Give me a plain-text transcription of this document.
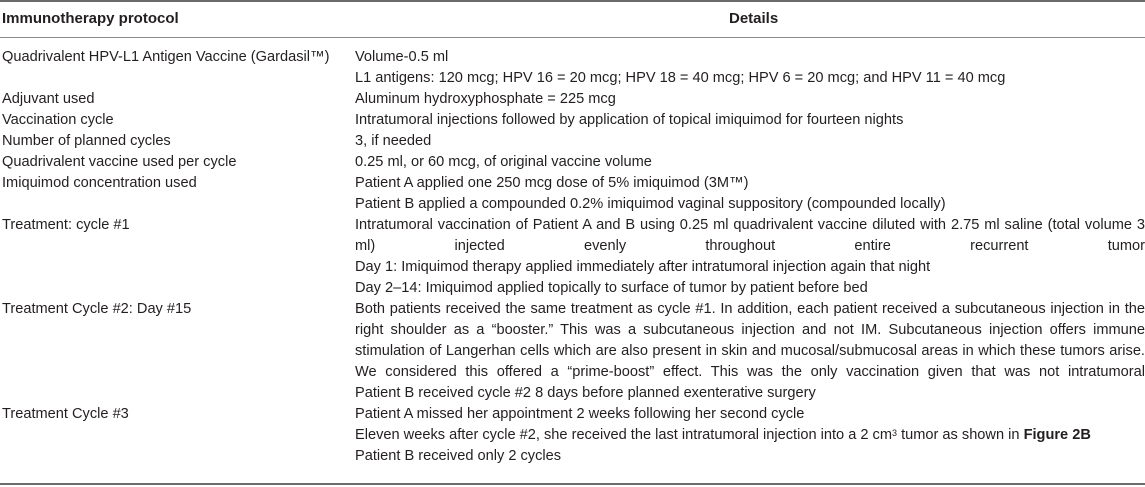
Immunotherapy protocol	Details
Quadrivalent HPV-L1 Antigen Vaccine (Gardasil™)	Volume-0.5 ml
L1 antigens: 120 mcg; HPV 16 = 20 mcg; HPV 18 = 40 mcg; HPV 6 = 20 mcg; and HPV 11 = 40 mcg
Adjuvant used	Aluminum hydroxyphosphate = 225 mcg
Vaccination cycle	Intratumoral injections followed by application of topical imiquimod for fourteen nights
Number of planned cycles	3, if needed
Quadrivalent vaccine used per cycle	0.25 ml, or 60 mcg, of original vaccine volume
Imiquimod concentration used	Patient A applied one 250 mcg dose of 5% imiquimod (3M™)
Patient B applied a compounded 0.2% imiquimod vaginal suppository (compounded locally)
Treatment: cycle #1	Intratumoral vaccination of Patient A and B using 0.25 ml quadrivalent vaccine diluted with 2.75 ml saline (total volume 3 ml) injected evenly throughout entire recurrent tumor
Day 1: Imiquimod therapy applied immediately after intratumoral injection again that night
Day 2–14: Imiquimod applied topically to surface of tumor by patient before bed
Treatment Cycle #2: Day #15	Both patients received the same treatment as cycle #1. In addition, each patient received a subcutaneous injection in the right shoulder as a “booster.” This was a subcutaneous injection and not IM. Subcutaneous injection offers immune stimulation of Langerhan cells which are also present in skin and mucosal/submucosal areas in which these tumors arise. We considered this offered a “prime-boost” effect. This was the only vaccination given that was not intratumoral
Patient B received cycle #2 8 days before planned exenterative surgery
Treatment Cycle #3	Patient A missed her appointment 2 weeks following her second cycle
Eleven weeks after cycle #2, she received the last intratumoral injection into a 2 $cm^3$ tumor as shown in Figure 2B
Patient B received only 2 cycles
